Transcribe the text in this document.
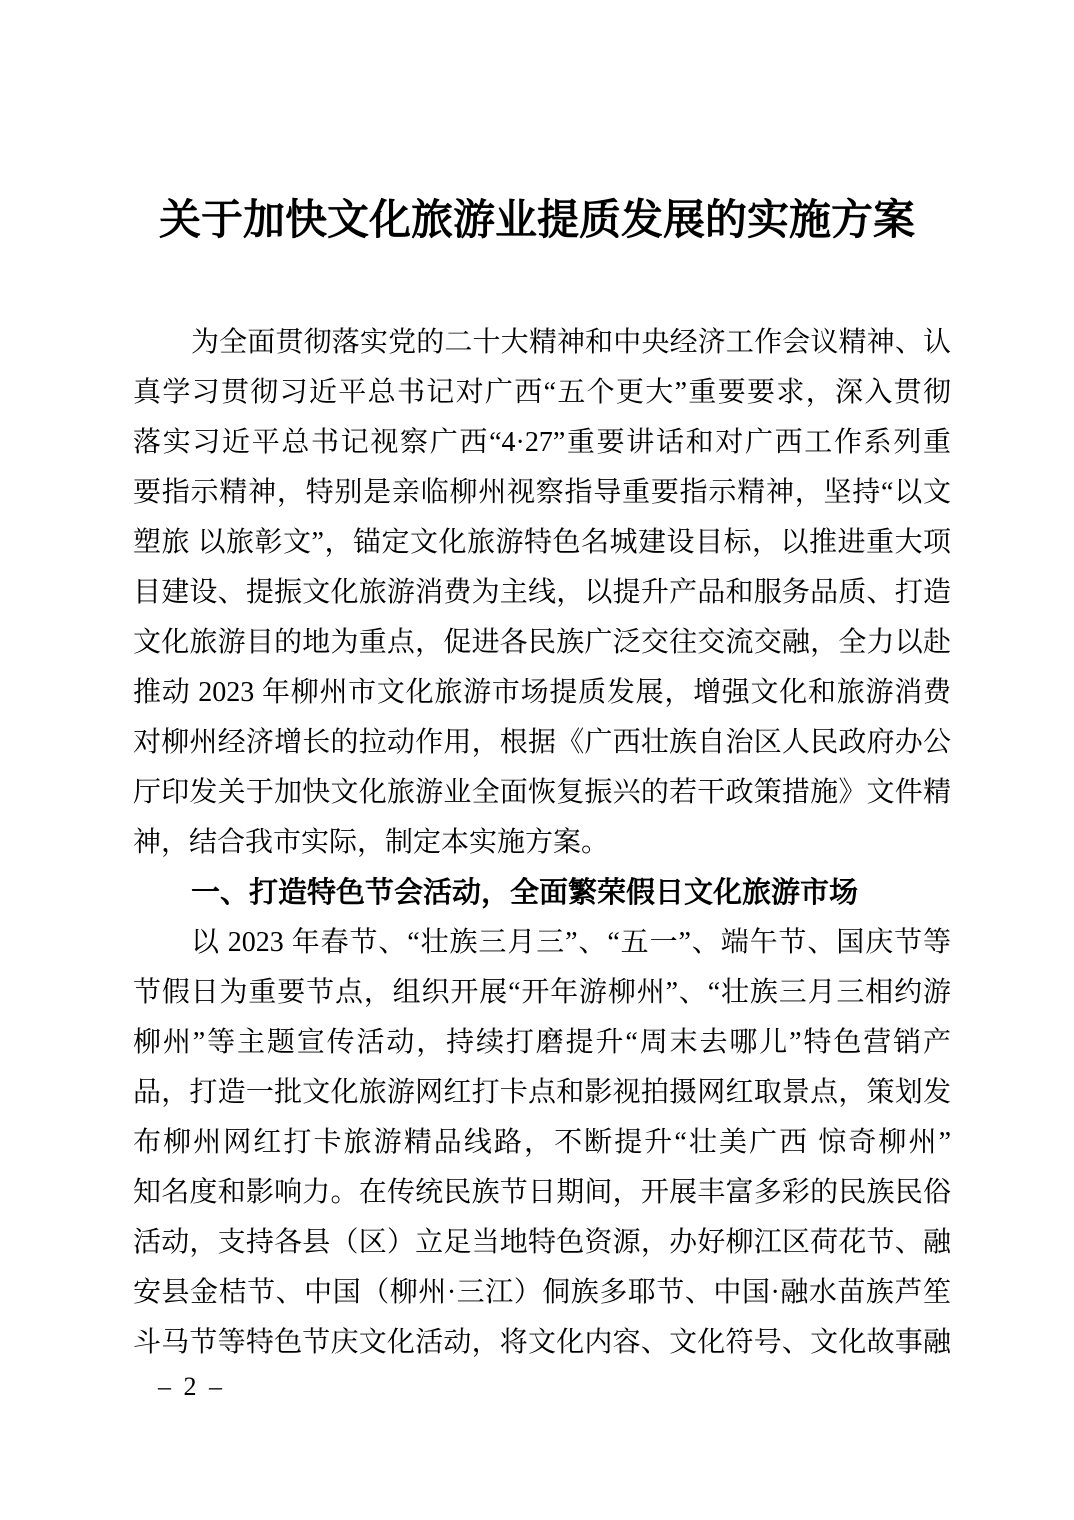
关于加快文化旅游业提质发展的实施方案

为全面贯彻落实党的二十大精神和中央经济工作会议精神、认

真学习贯彻习近平总书记对广西“五个更大”重要要求，深入贯彻

落实习近平总书记视察广西“4·27”重要讲话和对广西工作系列重

要指示精神，特别是亲临柳州视察指导重要指示精神，坚持“以文

塑旅 以旅彰文”，锚定文化旅游特色名城建设目标，以推进重大项

目建设、提振文化旅游消费为主线，以提升产品和服务品质、打造

文化旅游目的地为重点，促进各民族广泛交往交流交融，全力以赴

推动 2023 年柳州市文化旅游市场提质发展，增强文化和旅游消费

对柳州经济增长的拉动作用，根据《广西壮族自治区人民政府办公

厅印发关于加快文化旅游业全面恢复振兴的若干政策措施》文件精

神，结合我市实际，制定本实施方案。

一、打造特色节会活动，全面繁荣假日文化旅游市场

以 2023 年春节、“壮族三月三”、“五一”、端午节、国庆节等

节假日为重要节点，组织开展“开年游柳州”、“壮族三月三相约游

柳州”等主题宣传活动，持续打磨提升“周末去哪儿”特色营销产

品，打造一批文化旅游网红打卡点和影视拍摄网红取景点，策划发

布柳州网红打卡旅游精品线路，不断提升“壮美广西 惊奇柳州”

知名度和影响力。在传统民族节日期间，开展丰富多彩的民族民俗

活动，支持各县（区）立足当地特色资源，办好柳江区荷花节、融

安县金桔节、中国（柳州·三江）侗族多耶节、中国·融水苗族芦笙

斗马节等特色节庆文化活动，将文化内容、文化符号、文化故事融

– 2 –
